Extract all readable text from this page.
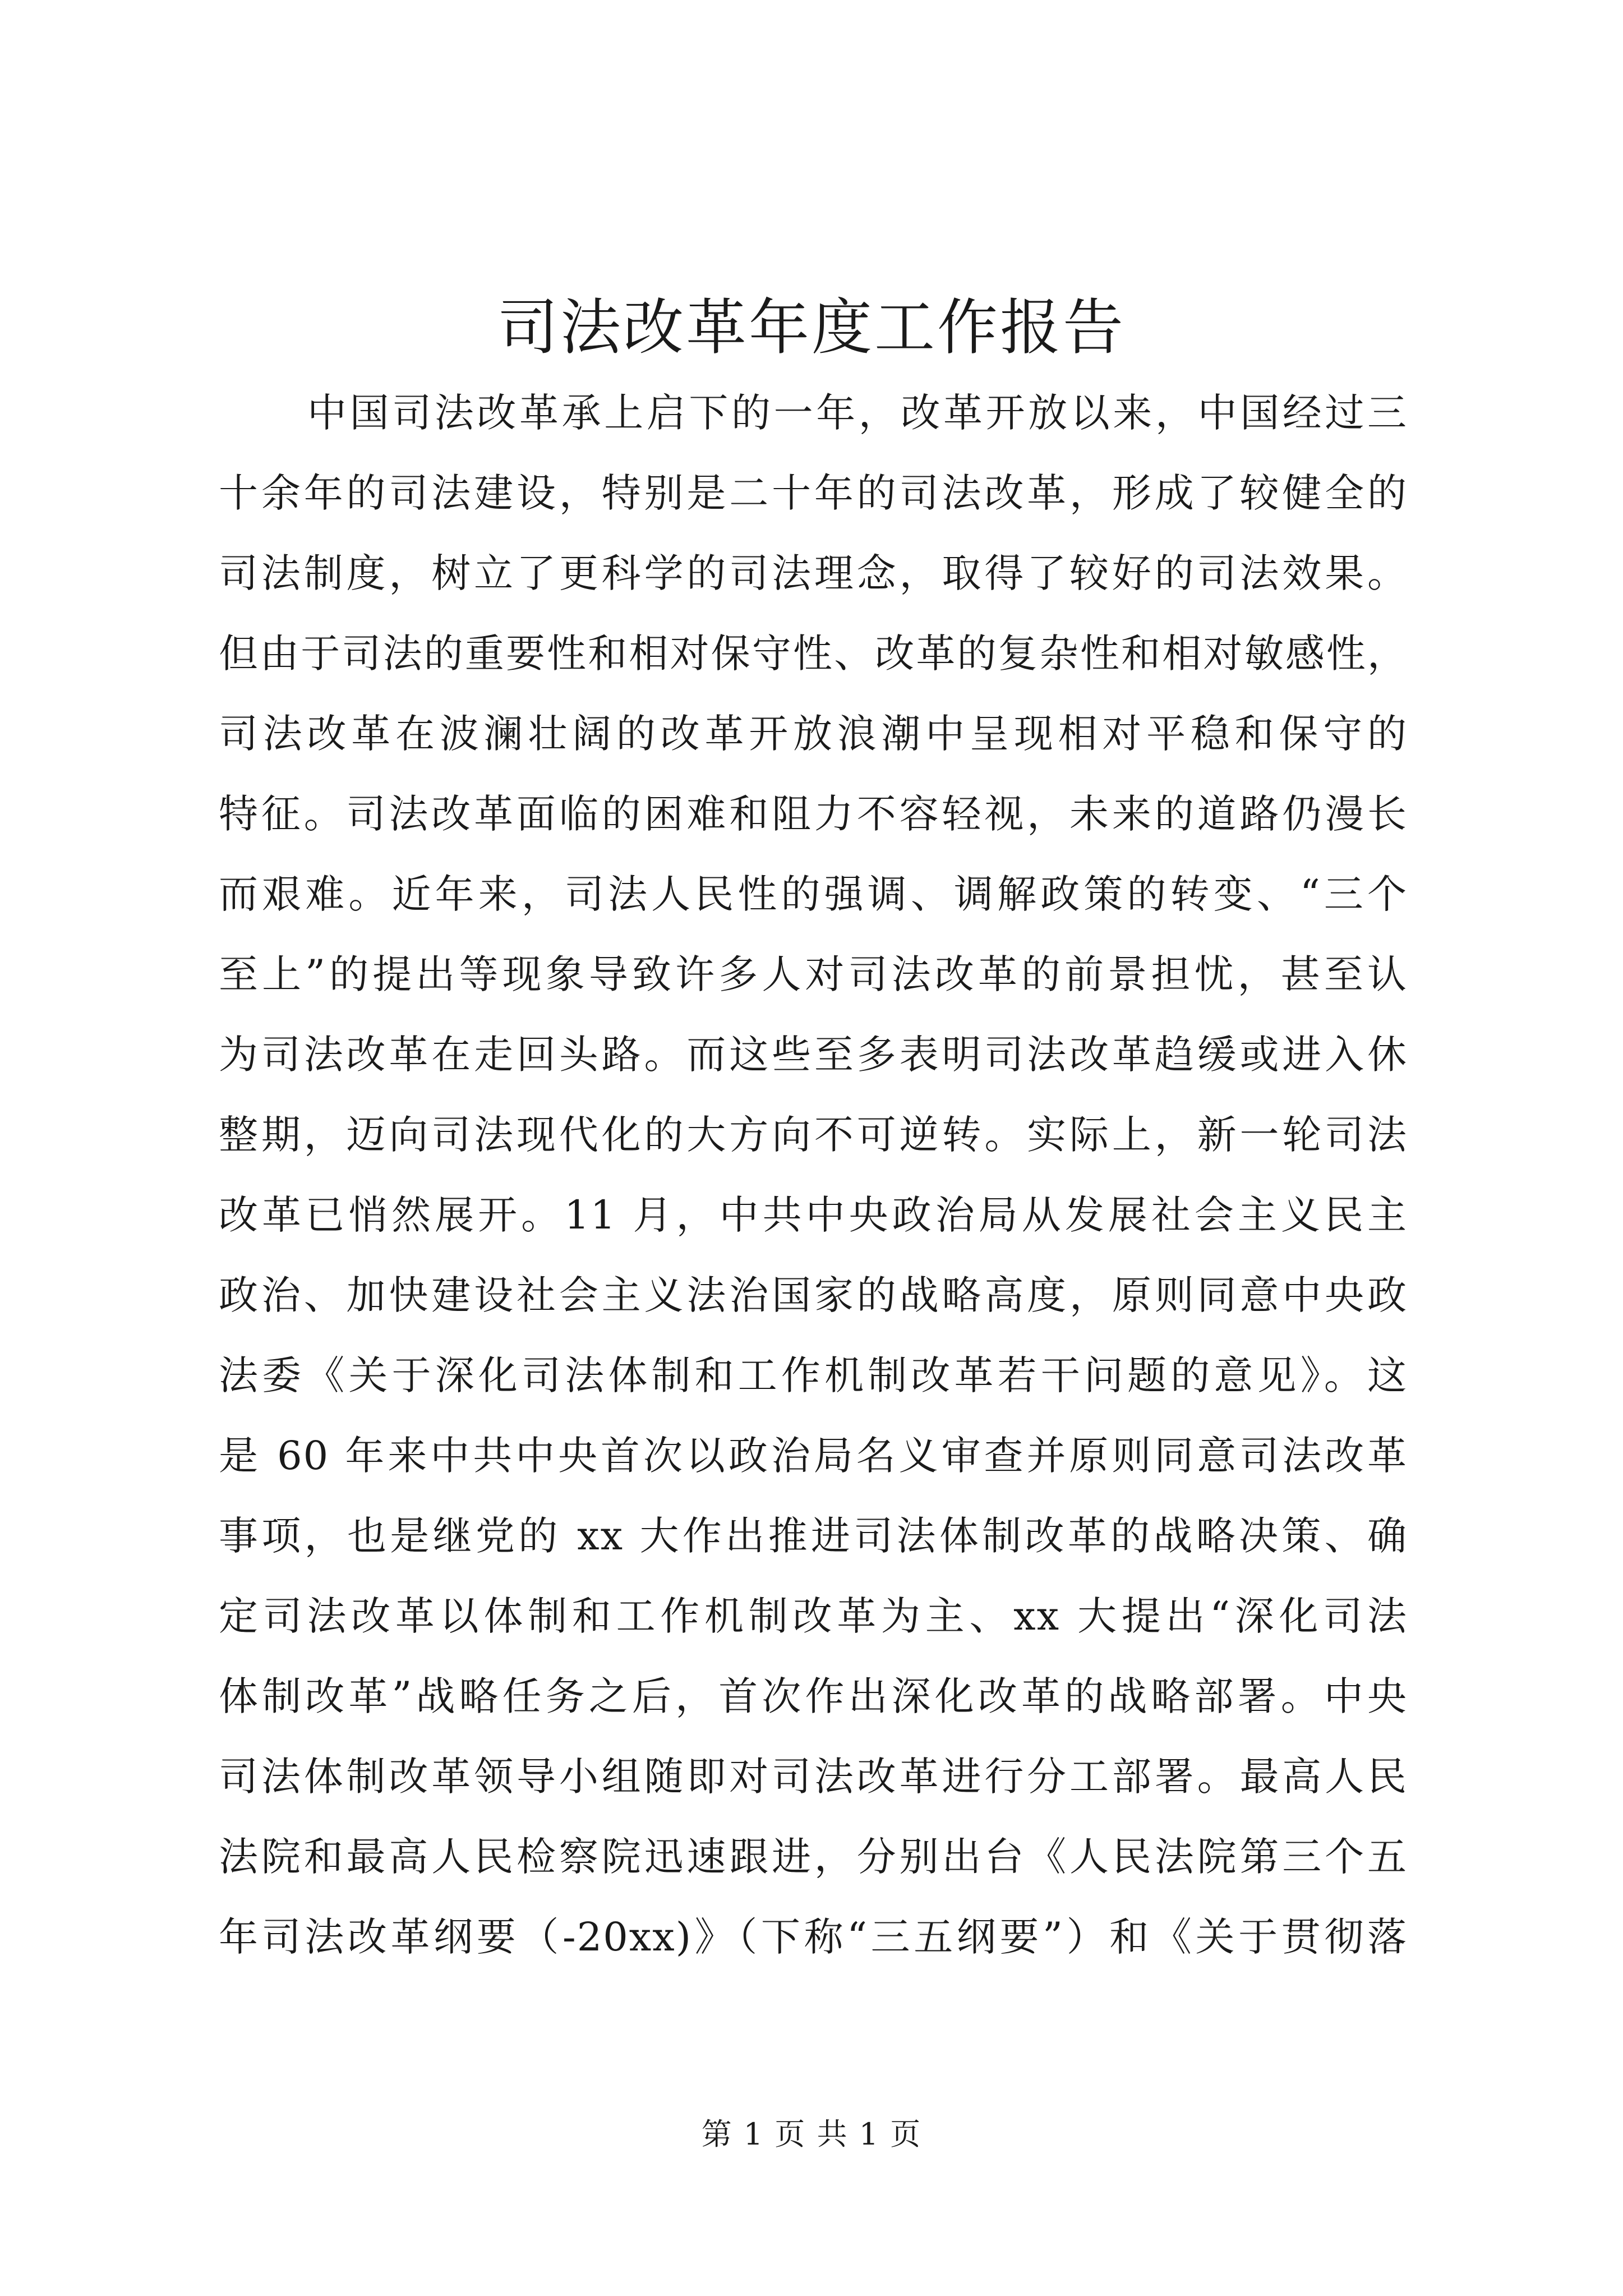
司法改革年度工作报告
中国司法改革承上启下的一年，改革开放以来，中国经过三
十余年的司法建设，特别是二十年的司法改革，形成了较健全的
司法制度，树立了更科学的司法理念，取得了较好的司法效果。
但由于司法的重要性和相对保守性、改革的复杂性和相对敏感性，
司法改革在波澜壮阔的改革开放浪潮中呈现相对平稳和保守的
特征。司法改革面临的困难和阻力不容轻视，未来的道路仍漫长
而艰难。近年来，司法人民性的强调、调解政策的转变、“三个
至上”的提出等现象导致许多人对司法改革的前景担忧，甚至认
为司法改革在走回头路。而这些至多表明司法改革趋缓或进入休
整期，迈向司法现代化的大方向不可逆转。实际上，新一轮司法
改革已悄然展开。11 月，中共中央政治局从发展社会主义民主
政治、加快建设社会主义法治国家的战略高度，原则同意中央政
法委《关于深化司法体制和工作机制改革若干问题的意见》。这
是 60 年来中共中央首次以政治局名义审查并原则同意司法改革
事项，也是继党的 xx 大作出推进司法体制改革的战略决策、确
定司法改革以体制和工作机制改革为主、xx 大提出“深化司法
体制改革”战略任务之后，首次作出深化改革的战略部署。中央
司法体制改革领导小组随即对司法改革进行分工部署。最高人民
法院和最高人民检察院迅速跟进，分别出台《人民法院第三个五
年司法改革纲要（-20xx)》（下称“三五纲要”）和《关于贯彻落
第 1 页 共 1 页
